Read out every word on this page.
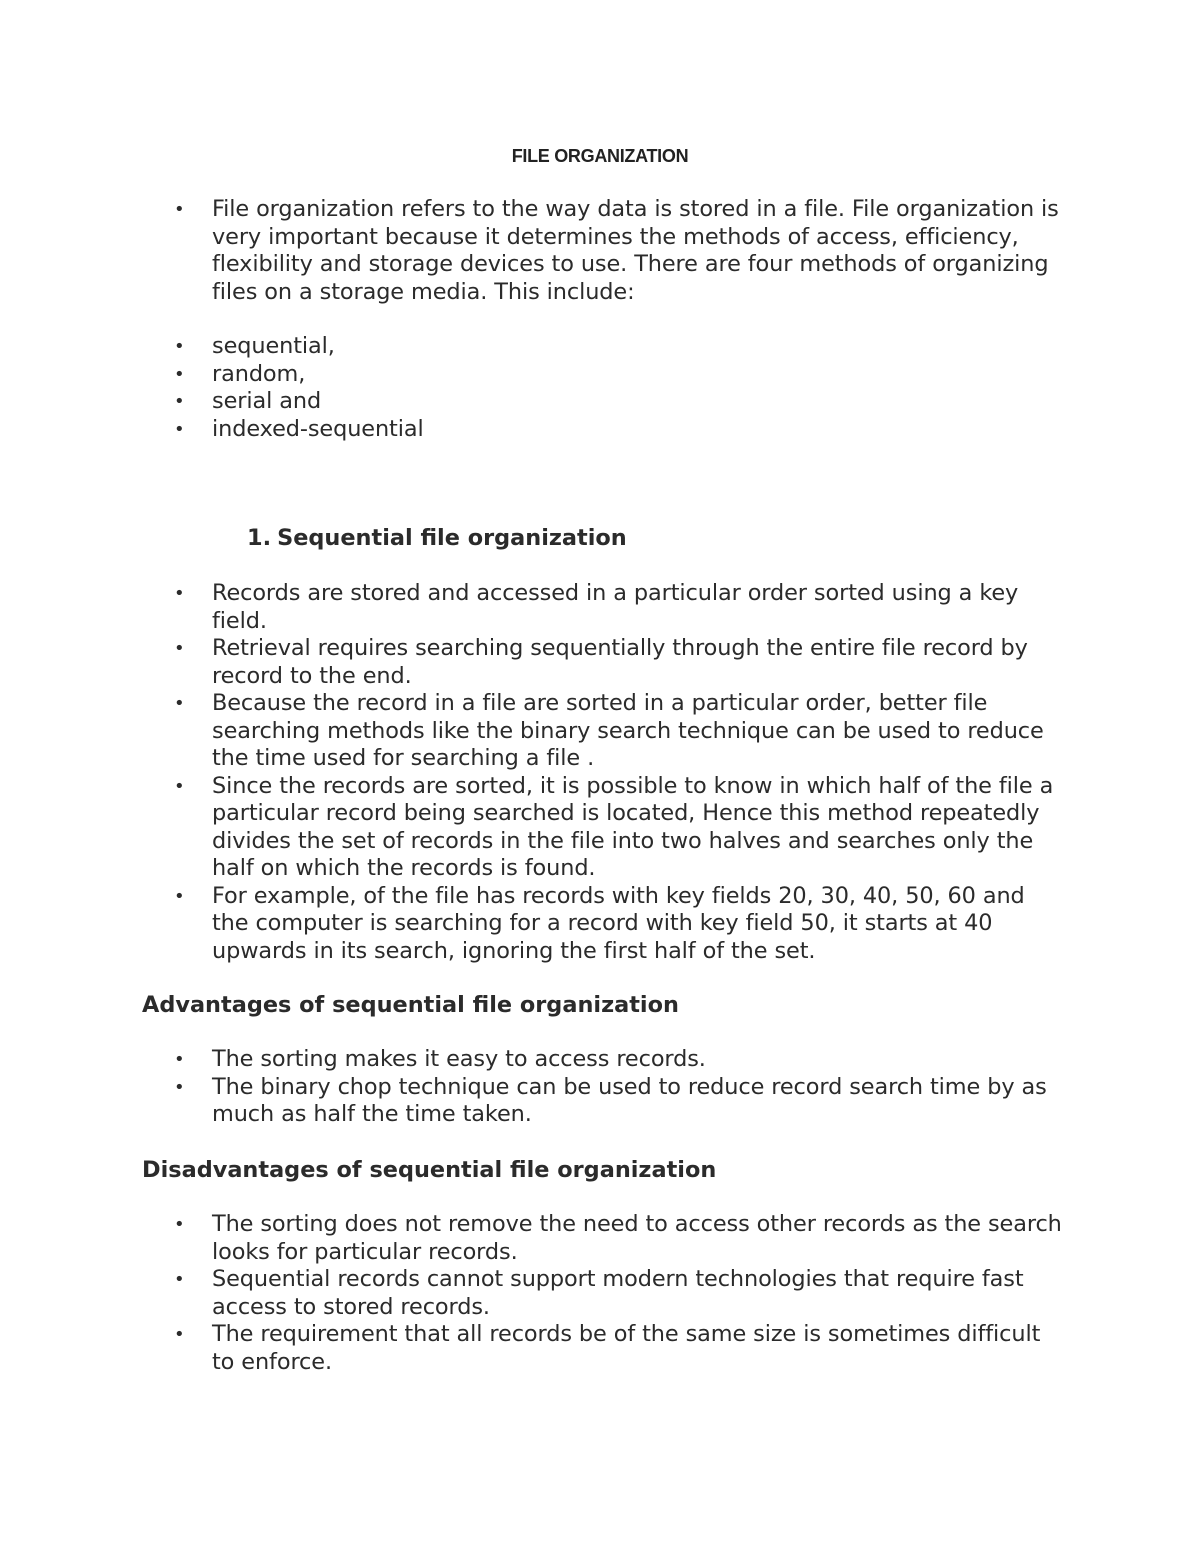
FILE ORGANIZATION
• File organization refers to the way data is stored in a file. File organization is very important because it determines the methods of access, efficiency, flexibility and storage devices to use. There are four methods of organizing files on a storage media. This include:
• sequential,
• random,
• serial and
• indexed-sequential
1. Sequential file organization
• Records are stored and accessed in a particular order sorted using a key field.
• Retrieval requires searching sequentially through the entire file record by record to the end.
• Because the record in a file are sorted in a particular order, better file searching methods like the binary search technique can be used to reduce the time used for searching a file .
• Since the records are sorted, it is possible to know in which half of the file a particular record being searched is located, Hence this method repeatedly divides the set of records in the file into two halves and searches only the half on which the records is found.
• For example, of the file has records with key fields 20, 30, 40, 50, 60 and the computer is searching for a record with key field 50, it starts at 40 upwards in its search, ignoring the first half of the set.
Advantages of sequential file organization
• The sorting makes it easy to access records.
• The binary chop technique can be used to reduce record search time by as much as half the time taken.
Disadvantages of sequential file organization
• The sorting does not remove the need to access other records as the search looks for particular records.
• Sequential records cannot support modern technologies that require fast access to stored records.
• The requirement that all records be of the same size is sometimes difficult to enforce.
